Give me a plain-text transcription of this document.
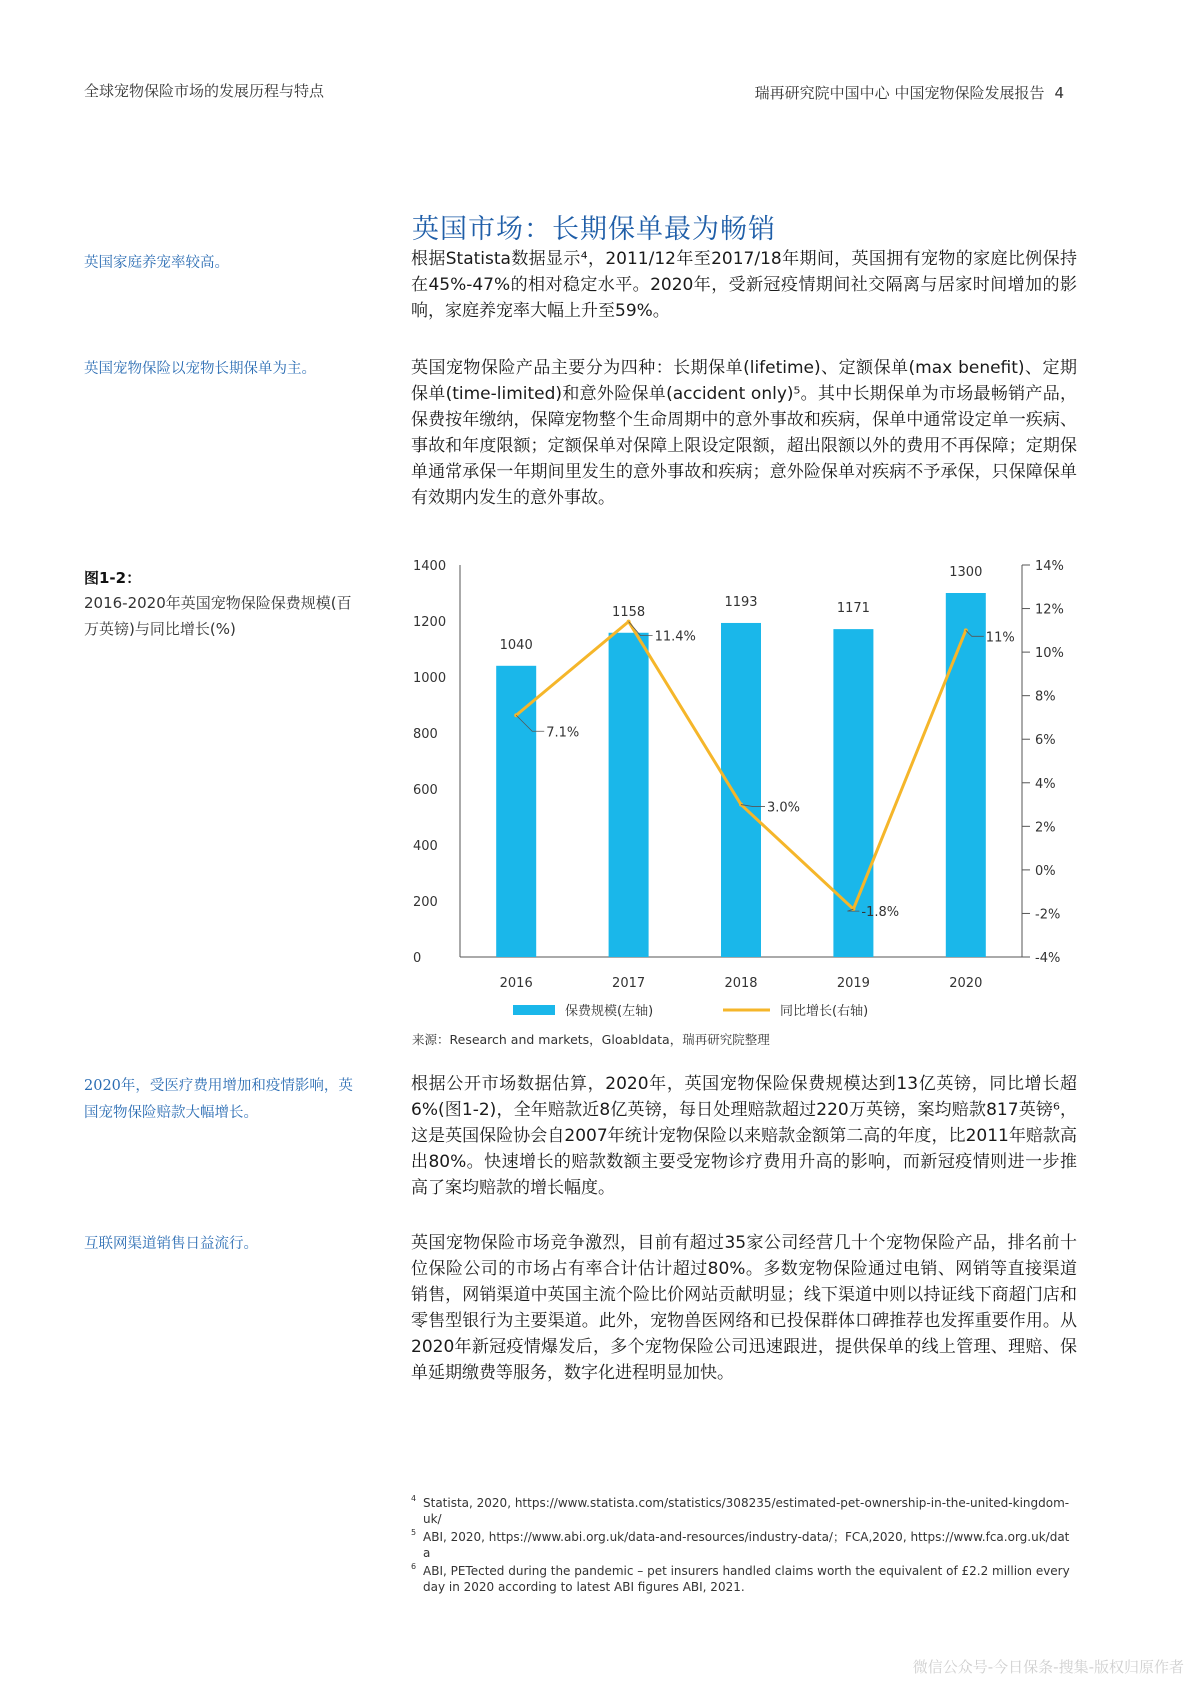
全球宠物保险市场的发展历程与特点	瑞再研究院中国中心 中国宠物保险发展报告 4
英国市场：长期保单最为畅销
英国家庭养宠率较高。	根据Statista数据显示⁴，2011/12年至2017/18年期间，英国拥有宠物的家庭比例保持在45%-47%的相对稳定水平。2020年，受新冠疫情期间社交隔离与居家时间增加的影响，家庭养宠率大幅上升至59%。

英国宠物保险以宠物长期保单为主。	英国宠物保险产品主要分为四种：长期保单(lifetime)、定额保单(max benefit)、定期保单(time-limited)和意外险保单(accident only)⁵。其中长期保单为市场最畅销产品，保费按年缴纳，保障宠物整个生命周期中的意外事故和疾病，保单中通常设定单一疾病、事故和年度限额；定额保单对保障上限设定限额，超出限额以外的费用不再保障；定期保单通常承保一年期间里发生的意外事故和疾病；意外险保单对疾病不予承保，只保障保单有效期内发生的意外事故。

图1-2：
2016-2020年英国宠物保险保费规模(百万英镑)与同比增长(%)
0
200
400
600
800
1000
1200
1400
-4%
-2%
0%
2%
4%
6%
8%
10%
12%
14%
1040
1158
1193	1171
1300
2016	2017	2018	2019	2020
7.1%
11.4%
3.0%
-1.8%
11%
保费规模(左轴)	同比增长(右轴)
来源：Research and markets，Gloabldata，瑞再研究院整理
2020年，受医疗费用增加和疫情影响，英国宠物保险赔款大幅增长。

根据公开市场数据估算，2020年，英国宠物保险保费规模达到13亿英镑，同比增长超6%(图1-2)，全年赔款近8亿英镑，每日处理赔款超过220万英镑，案均赔款817英镑⁶，这是英国保险协会自2007年统计宠物保险以来赔款金额第二高的年度，比2011年赔款高出80%。快速增长的赔款数额主要受宠物诊疗费用升高的影响，而新冠疫情则进一步推高了案均赔款的增长幅度。

互联网渠道销售日益流行。	英国宠物保险市场竞争激烈，目前有超过35家公司经营几十个宠物保险产品，排名前十位保险公司的市场占有率合计估计超过80%。多数宠物保险通过电销、网销等直接渠道销售，网销渠道中英国主流个险比价网站贡献明显；线下渠道中则以持证线下商超门店和零售型银行为主要渠道。此外，宠物兽医网络和已投保群体口碑推荐也发挥重要作用。从2020年新冠疫情爆发后，多个宠物保险公司迅速跟进，提供保单的线上管理、理赔、保单延期缴费等服务，数字化进程明显加快。

4 Statista, 2020, https://www.statista.com/statistics/308235/estimated-pet-ownership-in-the-united-kingdom-uk/
5 ABI, 2020, https://www.abi.org.uk/data-and-resources/industry-data/；FCA,2020, https://www.fca.org.uk/data
6 ABI, PETected during the pandemic – pet insurers handled claims worth the equivalent of £2.2 million every day in 2020 according to latest ABI figures ABI, 2021.
微信公众号-今日保条-搜集-版权归原作者
